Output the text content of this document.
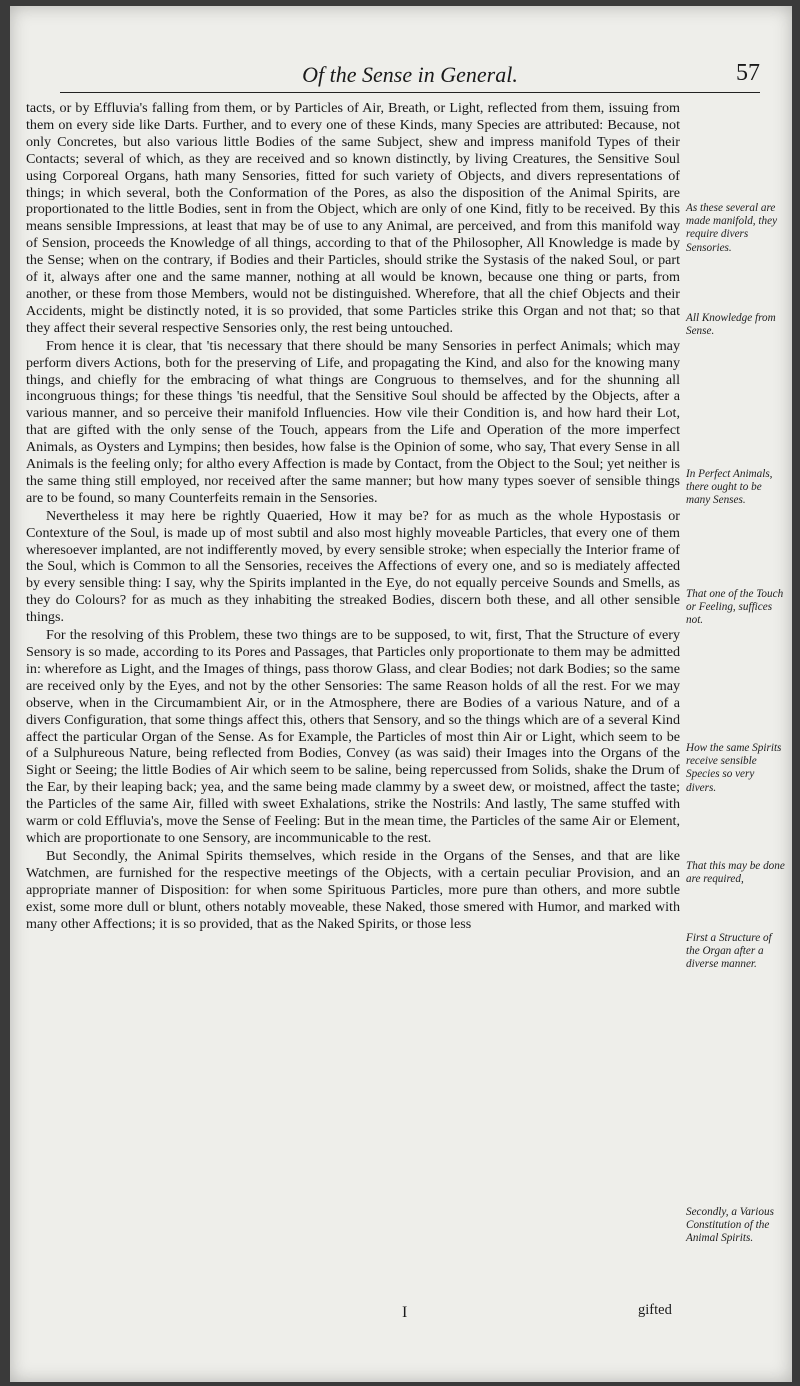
Of the Sense in General.	57

tacts, or by Effluvia's falling from them, or by Particles of Air, Breath, or Light, reflected from them, issuing from them on every side like Darts. Further, and to every one of these Kinds, many Species are attributed: Because, not only Concretes, but also various little Bodies of the same Subject, shew and impress manifold Types of their Contacts; several of which, as they are received and so known distinctly, by living Creatures, the Sensitive Soul using Corporeal Organs, hath many Sensories, fitted for such variety of Objects, and divers representations of things; in which several, both the Conformation of the Pores, as also the disposition of the Animal Spirits, are proportionated to the little Bodies, sent in from the Object, which are only of one Kind, fitly to be received. By this means sensible Impressions, at least that may be of use to any Animal, are perceived, and from this manifold way of Sension, proceeds the Knowledge of all things, according to that of the Philosopher, All Knowledge is made by the Sense; when on the contrary, if Bodies and their Particles, should strike the Systasis of the naked Soul, or part of it, always after one and the same manner, nothing at all would be known, because one thing or parts, from another, or these from those Members, would not be distinguished. Wherefore, that all the chief Objects and their Accidents, might be distinctly noted, it is so provided, that some Particles strike this Organ and not that; so that they affect their several respective Sensories only, the rest being untouched.

From hence it is clear, that 'tis necessary that there should be many Sensories in perfect Animals; which may perform divers Actions, both for the preserving of Life, and propagating the Kind, and also for the knowing many things, and chiefly for the embracing of what things are Congruous to themselves, and for the shunning all incongruous things; for these things 'tis needful, that the Sensitive Soul should be affected by the Objects, after a various manner, and so perceive their manifold Influencies. How vile their Condition is, and how hard their Lot, that are gifted with the only sense of the Touch, appears from the Life and Operation of the more imperfect Animals, as Oysters and Lympins; then besides, how false is the Opinion of some, who say, That every Sense in all Animals is the feeling only; for altho every Affection is made by Contact, from the Object to the Soul; yet neither is the same thing still employed, nor received after the same manner; but how many types soever of sensible things are to be found, so many Counterfeits remain in the Sensories.

Nevertheless it may here be rightly Quaeried, How it may be? for as much as the whole Hypostasis or Contexture of the Soul, is made up of most subtil and also most highly moveable Particles, that every one of them wheresoever implanted, are not indifferently moved, by every sensible stroke; when especially the Interior frame of the Soul, which is Common to all the Sensories, receives the Affections of every one, and so is mediately affected by every sensible thing: I say, why the Spirits implanted in the Eye, do not equally perceive Sounds and Smells, as they do Colours? for as much as they inhabiting the streaked Bodies, discern both these, and all other sensible things.

For the resolving of this Problem, these two things are to be supposed, to wit, first, That the Structure of every Sensory is so made, according to its Pores and Passages, that Particles only proportionate to them may be admitted in: wherefore as Light, and the Images of things, pass thorow Glass, and clear Bodies; not dark Bodies; so the same are received only by the Eyes, and not by the other Sensories: The same Reason holds of all the rest. For we may observe, when in the Circumambient Air, or in the Atmosphere, there are Bodies of a various Nature, and of a divers Configuration, that some things affect this, others that Sensory, and so the things which are of a several Kind affect the particular Organ of the Sense. As for Example, the Particles of most thin Air or Light, which seem to be of a Sulphureous Nature, being reflected from Bodies, Convey (as was said) their Images into the Organs of the Sight or Seeing; the little Bodies of Air which seem to be saline, being repercussed from Solids, shake the Drum of the Ear, by their leaping back; yea, and the same being made clammy by a sweet dew, or moistned, affect the taste; the Particles of the same Air, filled with sweet Exhalations, strike the Nostrils: And lastly, The same stuffed with warm or cold Effluvia's, move the Sense of Feeling: But in the mean time, the Particles of the same Air or Element, which are proportionate to one Sensory, are incommunicable to the rest.

But Secondly, the Animal Spirits themselves, which reside in the Organs of the Senses, and that are like Watchmen, are furnished for the respective meetings of the Objects, with a certain peculiar Provision, and an appropriate manner of Disposition: for when some Spirituous Particles, more pure than others, and more subtle exist, some more dull or blunt, others notably moveable, these Naked, those smered with Humor, and marked with many other Affections; it is so provided, that as the Naked Spirits, or those less

As these several are made manifold, they require divers Sensories.
All Knowledge from Sense.
In Perfect Animals, there ought to be many Senses.
That one of the Touch or Feeling, suffices not.
How the same Spirits receive sensible Species so very divers.
That this may be done are required,
First a Structure of the Organ after a diverse manner.
Secondly, a Various Constitution of the Animal Spirits.
I	gifted
